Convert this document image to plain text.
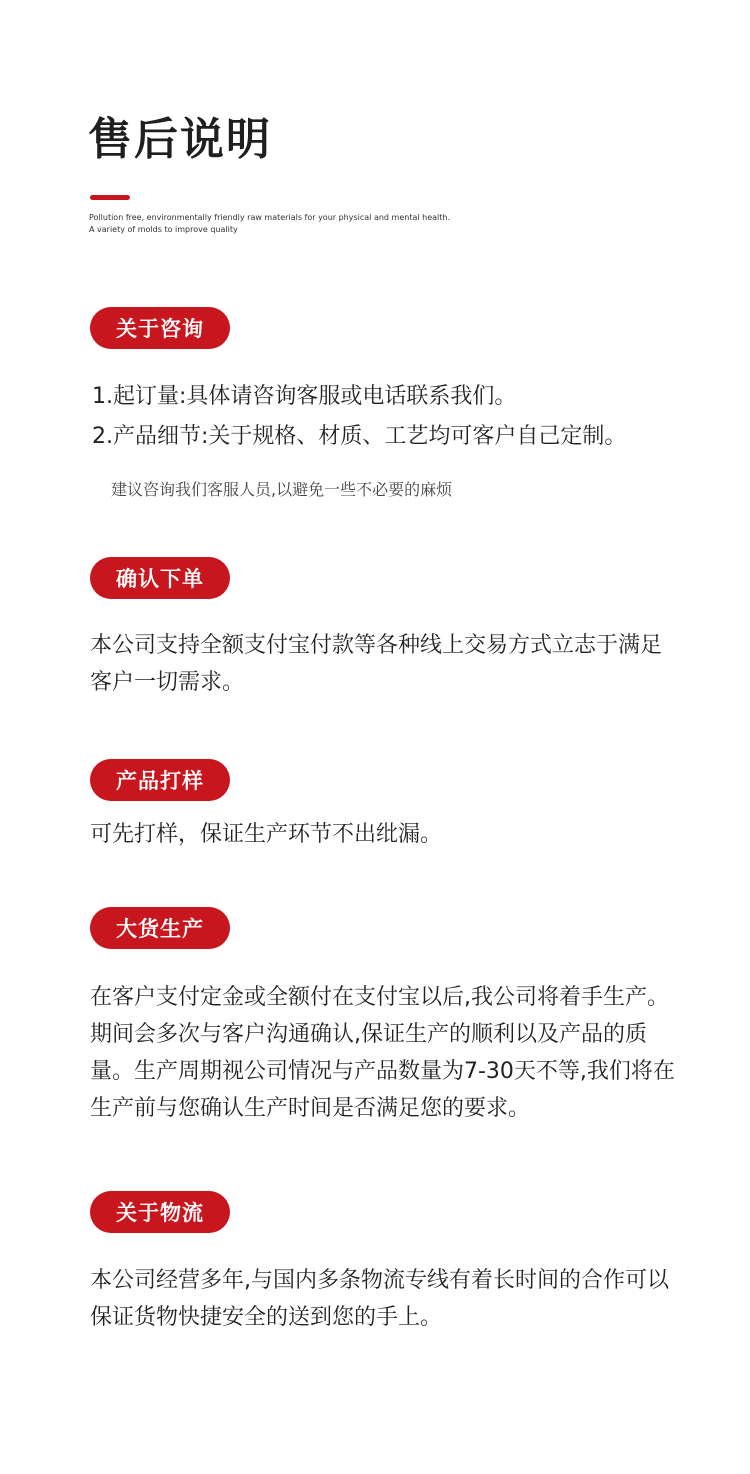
售后说明
Pollution free, environmentally friendly raw materials for your physical and mental health.
A variety of molds to improve quality
关于咨询
1.起订量:具体请咨询客服或电话联系我们。
2.产品细节:关于规格、材质、工艺均可客户自己定制。
建议咨询我们客服人员,以避免一些不必要的麻烦
确认下单

本公司支持全额支付宝付款等各种线上交易方式立志于满足客户一切需求。

产品打样

可先打样，保证生产环节不出纰漏。

大货生产

在客户支付定金或全额付在支付宝以后,我公司将着手生产。期间会多次与客户沟通确认,保证生产的顺利以及产品的质量。生产周期视公司情况与产品数量为7-30天不等,我们将在生产前与您确认生产时间是否满足您的要求。

关于物流

本公司经营多年,与国内多条物流专线有着长时间的合作可以保证货物快捷安全的送到您的手上。
